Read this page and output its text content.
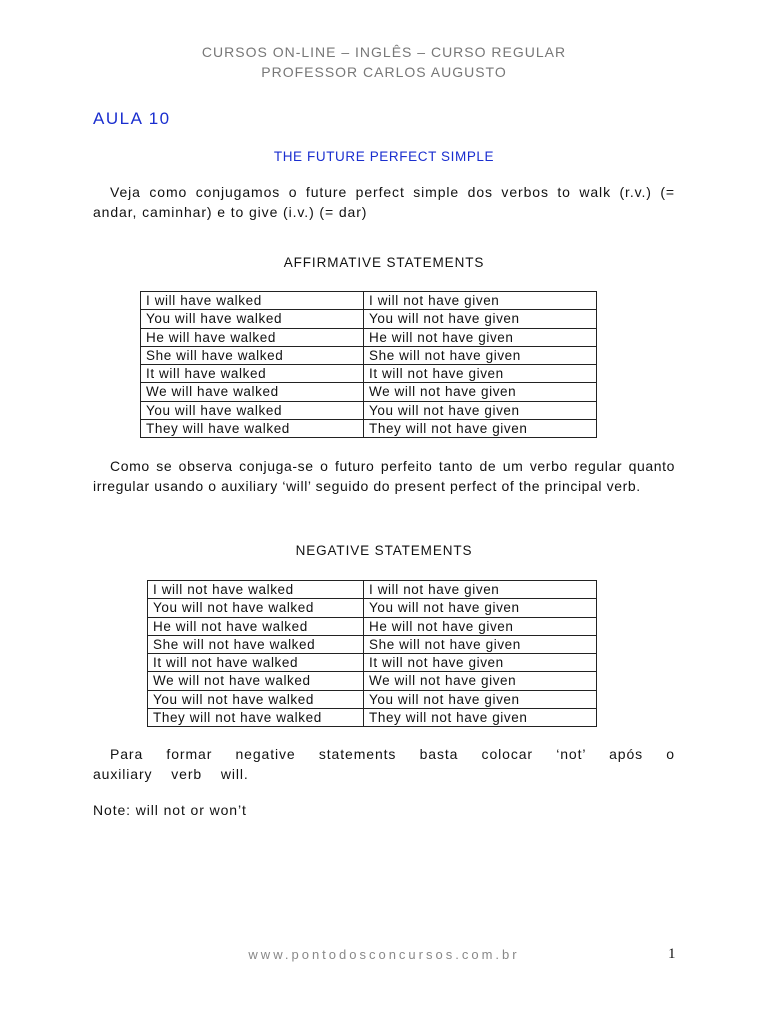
CURSOS ON-LINE – INGLÊS – CURSO REGULAR
PROFESSOR CARLOS AUGUSTO
AULA 10
THE FUTURE PERFECT SIMPLE

Veja como conjugamos o future perfect simple dos verbos to walk (r.v.) (= andar, caminhar) e to give (i.v.) (= dar)

AFFIRMATIVE STATEMENTS
I will have walked	I will not have given
You will have walked	You will not have given
He will have walked	He will not have given
She will have walked	She will not have given
It will have walked	It will not have given
We will have walked	We will not have given
You will have walked	You will not have given
They will have walked	They will not have given

Como se observa conjuga-se o futuro perfeito tanto de um verbo regular quanto irregular usando o auxiliary ‘will’ seguido do present perfect of the principal verb.

NEGATIVE STATEMENTS
I will not have walked	I will not have given
You will not have walked	You will not have given
He will not have walked	He will not have given
She will not have walked	She will not have given
It will not have walked	It will not have given
We will not have walked	We will not have given
You will not have walked	You will not have given
They will not have walked	They will not have given

Para formar negative statements basta colocar ‘not’ após o auxiliary verb will.

Note: will not or won’t

www.pontodosconcursos.com.br	1
